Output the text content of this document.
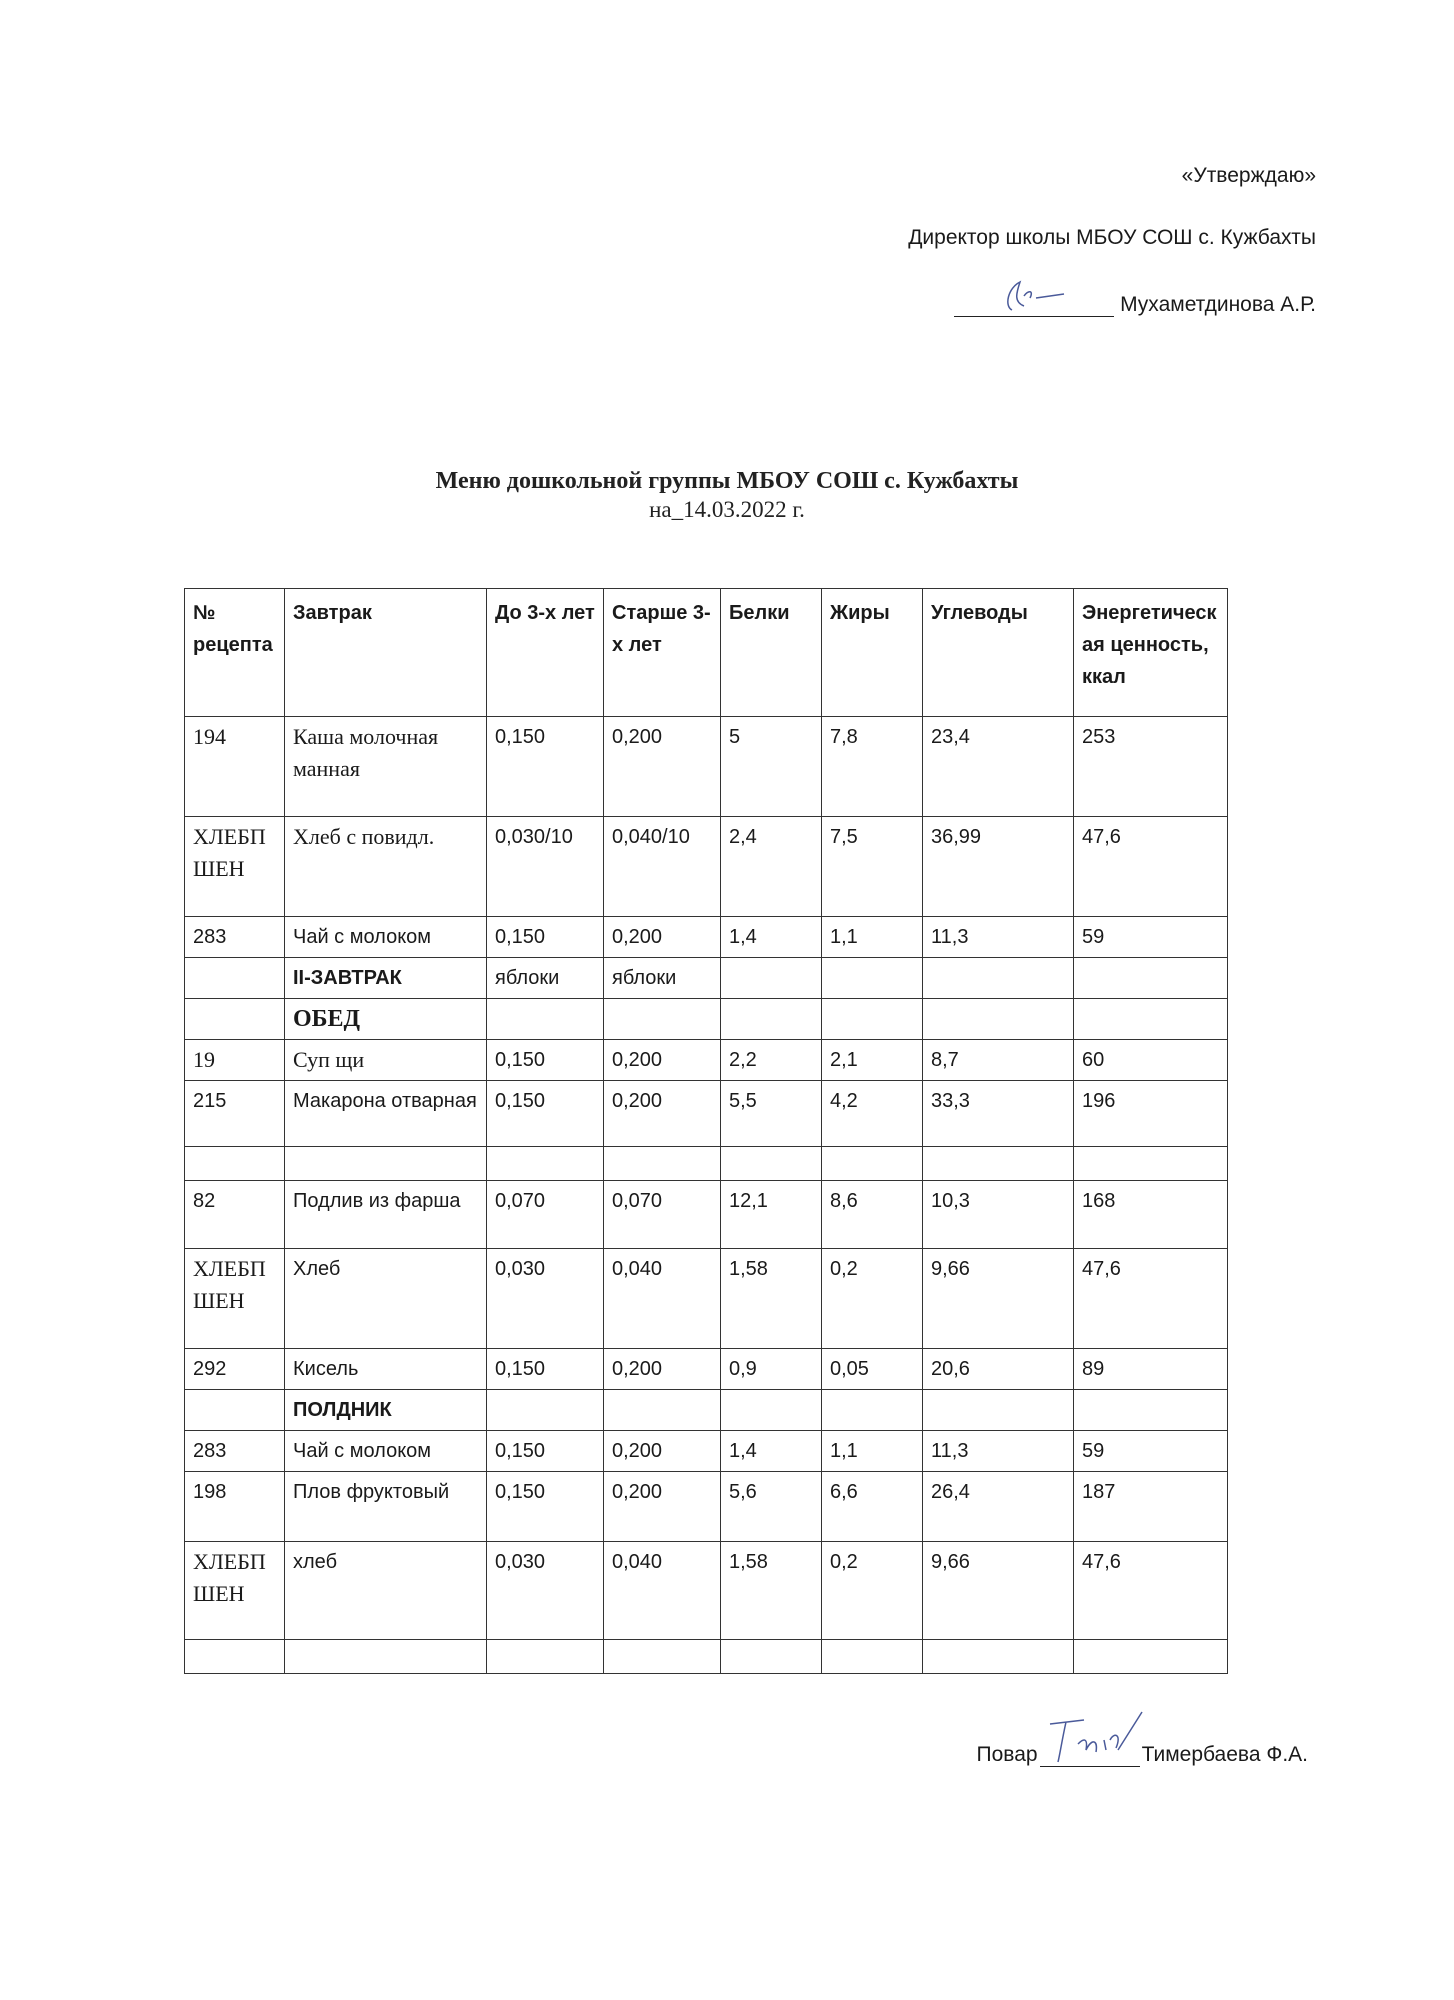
«Утверждаю»
Директор школы МБОУ СОШ с. Кужбахты
Мухаметдинова А.Р.
Меню дошкольной группы МБОУ СОШ с. Кужбахты
на_14.03.2022 г.
№ рецепта	Завтрак	До 3-х лет	Старше 3-х лет	Белки	Жиры	Углеводы	Энергетическая ценность, ккал
194	Каша молочная манная	0,150	0,200	5	7,8	23,4	253
ХЛЕБПШЕН	Хлеб с повидл.	0,030/10	0,040/10	2,4	7,5	36,99	47,6
283	Чай с молоком	0,150	0,200	1,4	1,1	11,3	59
	II-ЗАВТРАК	яблоки	яблоки				
	ОБЕД						
19	Суп щи	0,150	0,200	2,2	2,1	8,7	60
215	Макарона отварная	0,150	0,200	5,5	4,2	33,3	196

82	Подлив из фарша	0,070	0,070	12,1	8,6	10,3	168
ХЛЕБПШЕН	Хлеб	0,030	0,040	1,58	0,2	9,66	47,6
292	Кисель	0,150	0,200	0,9	0,05	20,6	89
	ПОЛДНИК						
283	Чай с молоком	0,150	0,200	1,4	1,1	11,3	59
198	Плов фруктовый	0,150	0,200	5,6	6,6	26,4	187
ХЛЕБПШЕН	хлеб	0,030	0,040	1,58	0,2	9,66	47,6

Повар	Тимербаева Ф.А.
